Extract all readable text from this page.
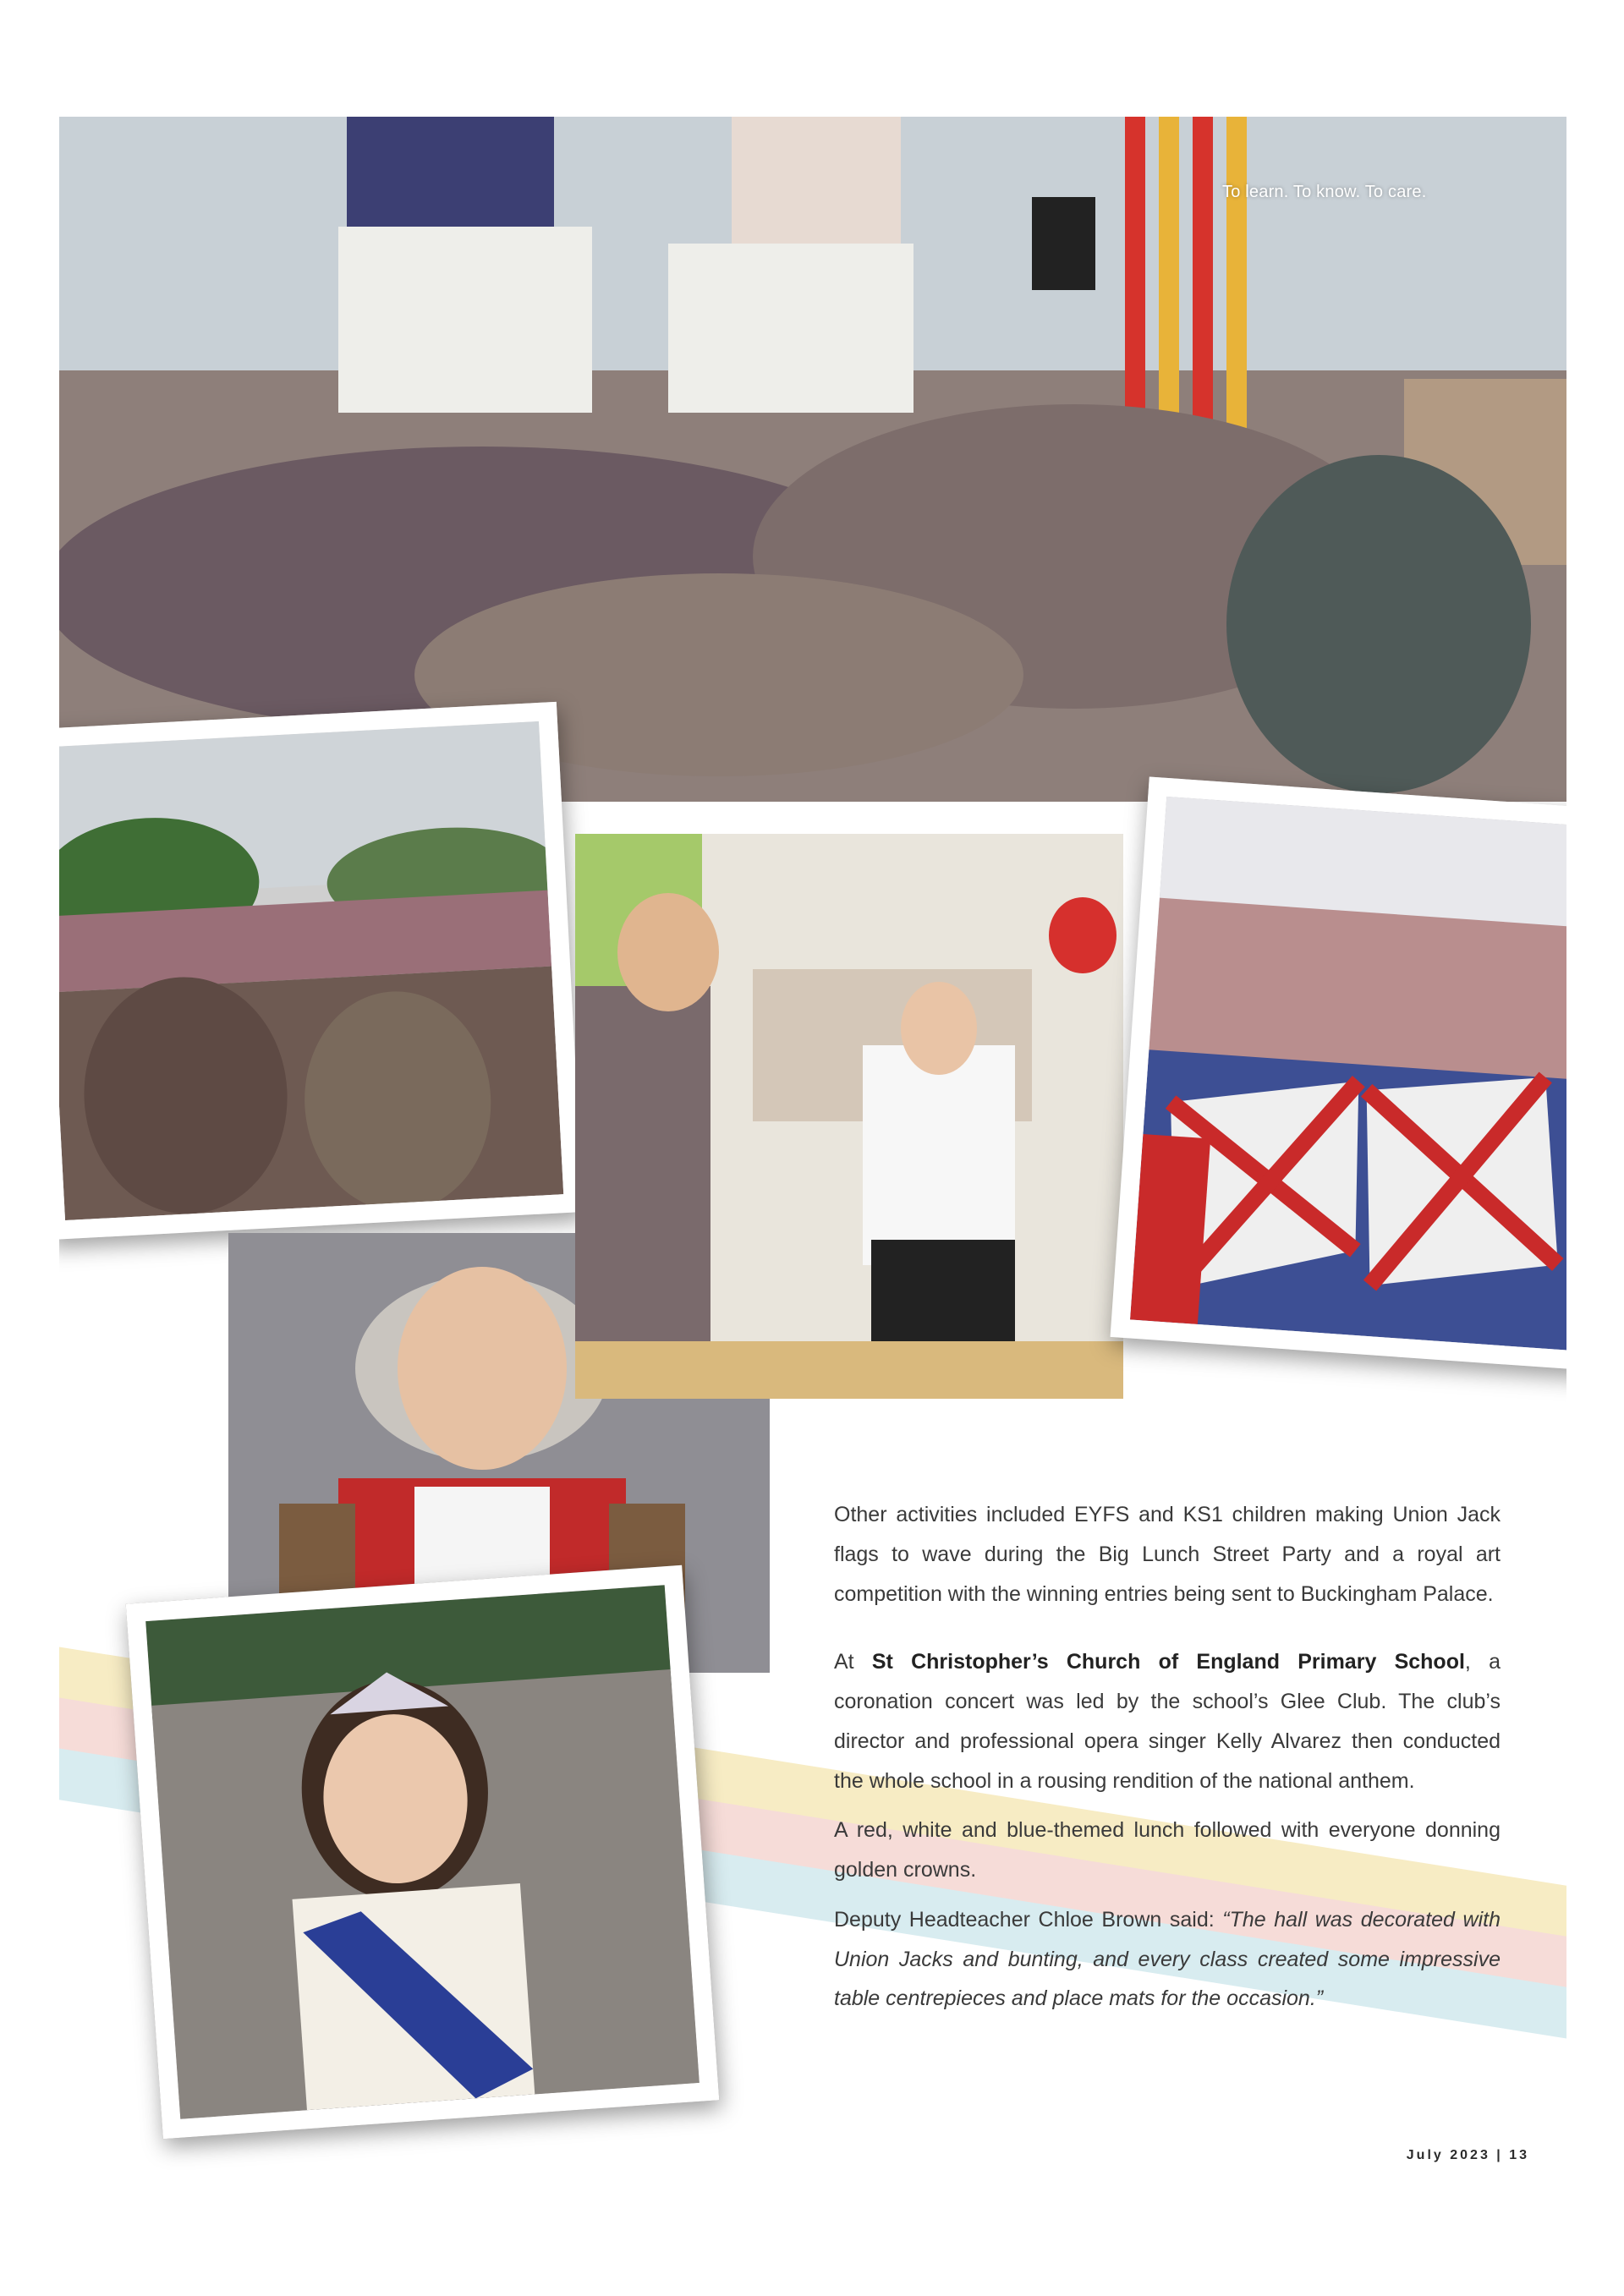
To learn. To know. To care.

Other activities included EYFS and KS1 children making Union Jack flags to wave during the Big Lunch Street Party and a royal art competition with the winning entries being sent to Buckingham Palace.

At St Christopher’s Church of England Primary School, a coronation concert was led by the school’s Glee Club. The club’s director and professional opera singer Kelly Alvarez then conducted the whole school in a rousing rendition of the national anthem.

A red, white and blue-themed lunch followed with everyone donning golden crowns.

Deputy Headteacher Chloe Brown said: “The hall was decorated with Union Jacks and bunting, and every class created some impressive table centrepieces and place mats for the occasion.”

July 2023 | 13
